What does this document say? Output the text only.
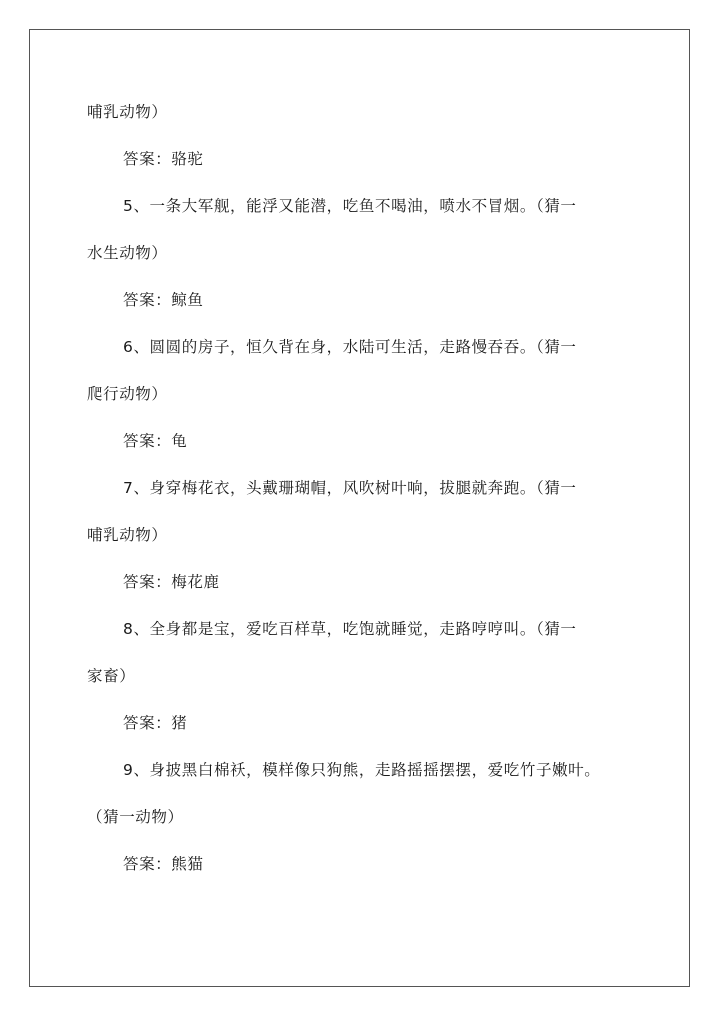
哺乳动物）
答案：骆驼
5、一条大军舰，能浮又能潜，吃鱼不喝油，喷水不冒烟。（猜一
水生动物）
答案：鲸鱼
6、圆圆的房子，恒久背在身，水陆可生活，走路慢吞吞。（猜一
爬行动物）
答案：龟
7、身穿梅花衣，头戴珊瑚帽，风吹树叶响，拔腿就奔跑。（猜一
哺乳动物）
答案：梅花鹿
8、全身都是宝，爱吃百样草，吃饱就睡觉，走路哼哼叫。（猜一
家畜）
答案：猪
9、身披黑白棉袄，模样像只狗熊，走路摇摇摆摆，爱吃竹子嫩叶。
（猜一动物）
答案：熊猫
